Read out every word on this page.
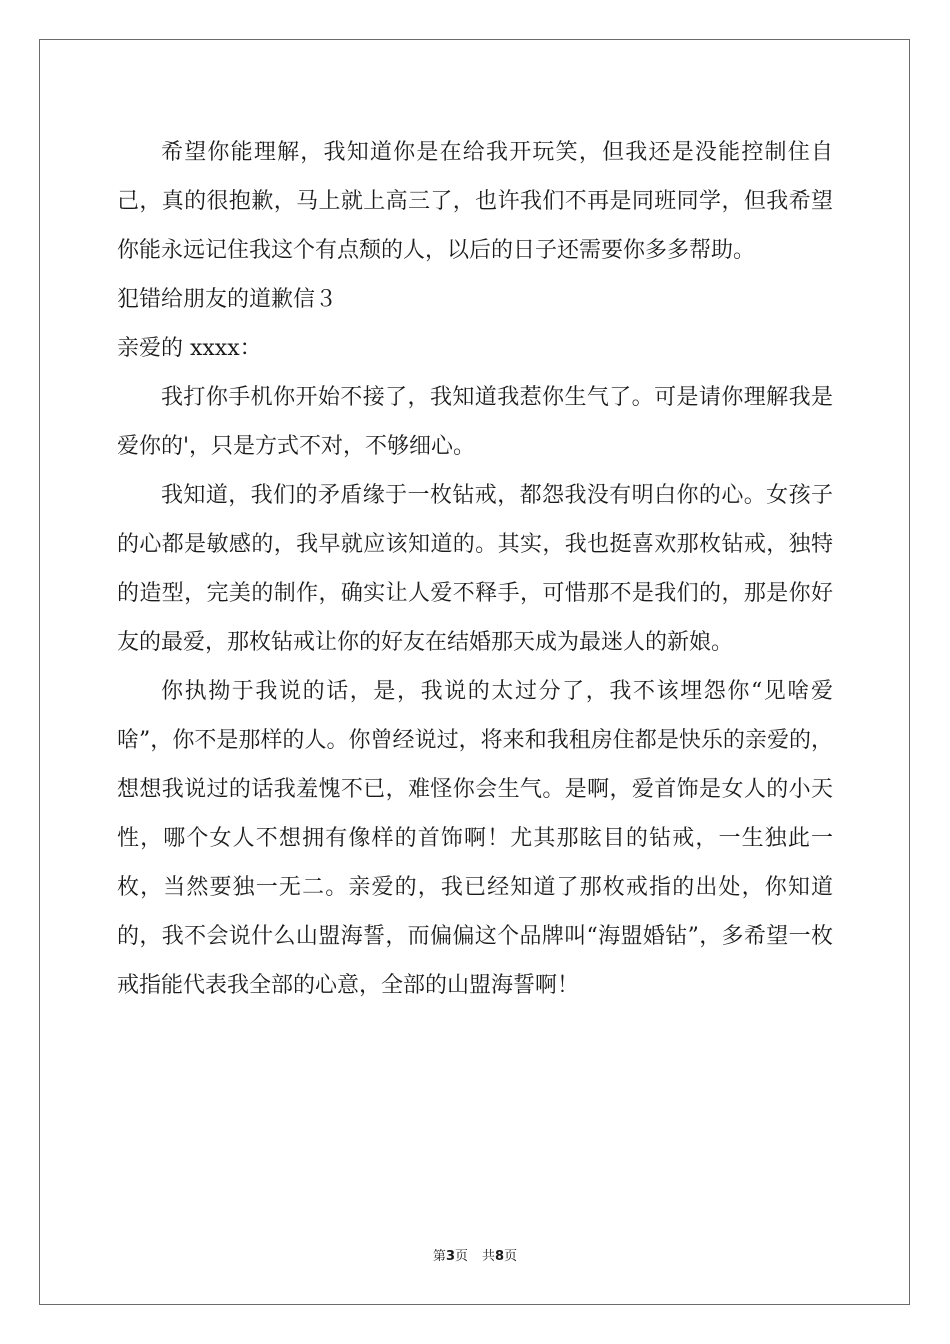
希望你能理解，我知道你是在给我开玩笑，但我还是没能控制住自己，真的很抱歉，马上就上高三了，也许我们不再是同班同学，但我希望你能永远记住我这个有点颓的人，以后的日子还需要你多多帮助。

犯错给朋友的道歉信３

亲爱的 xxxx：

我打你手机你开始不接了，我知道我惹你生气了。可是请你理解我是爱你的'，只是方式不对，不够细心。

我知道，我们的矛盾缘于一枚钻戒，都怨我没有明白你的心。女孩子的心都是敏感的，我早就应该知道的。其实，我也挺喜欢那枚钻戒，独特的造型，完美的制作，确实让人爱不释手，可惜那不是我们的，那是你好友的最爱，那枚钻戒让你的好友在结婚那天成为最迷人的新娘。

你执拗于我说的话，是，我说的太过分了，我不该埋怨你“见啥爱啥”，你不是那样的人。你曾经说过，将来和我租房住都是快乐的亲爱的，想想我说过的话我羞愧不已，难怪你会生气。是啊，爱首饰是女人的小天性，哪个女人不想拥有像样的首饰啊！尤其那眩目的钻戒，一生独此一枚，当然要独一无二。亲爱的，我已经知道了那枚戒指的出处，你知道的，我不会说什么山盟海誓，而偏偏这个品牌叫“海盟婚钻”，多希望一枚戒指能代表我全部的心意，全部的山盟海誓啊！

第3页 共8页
